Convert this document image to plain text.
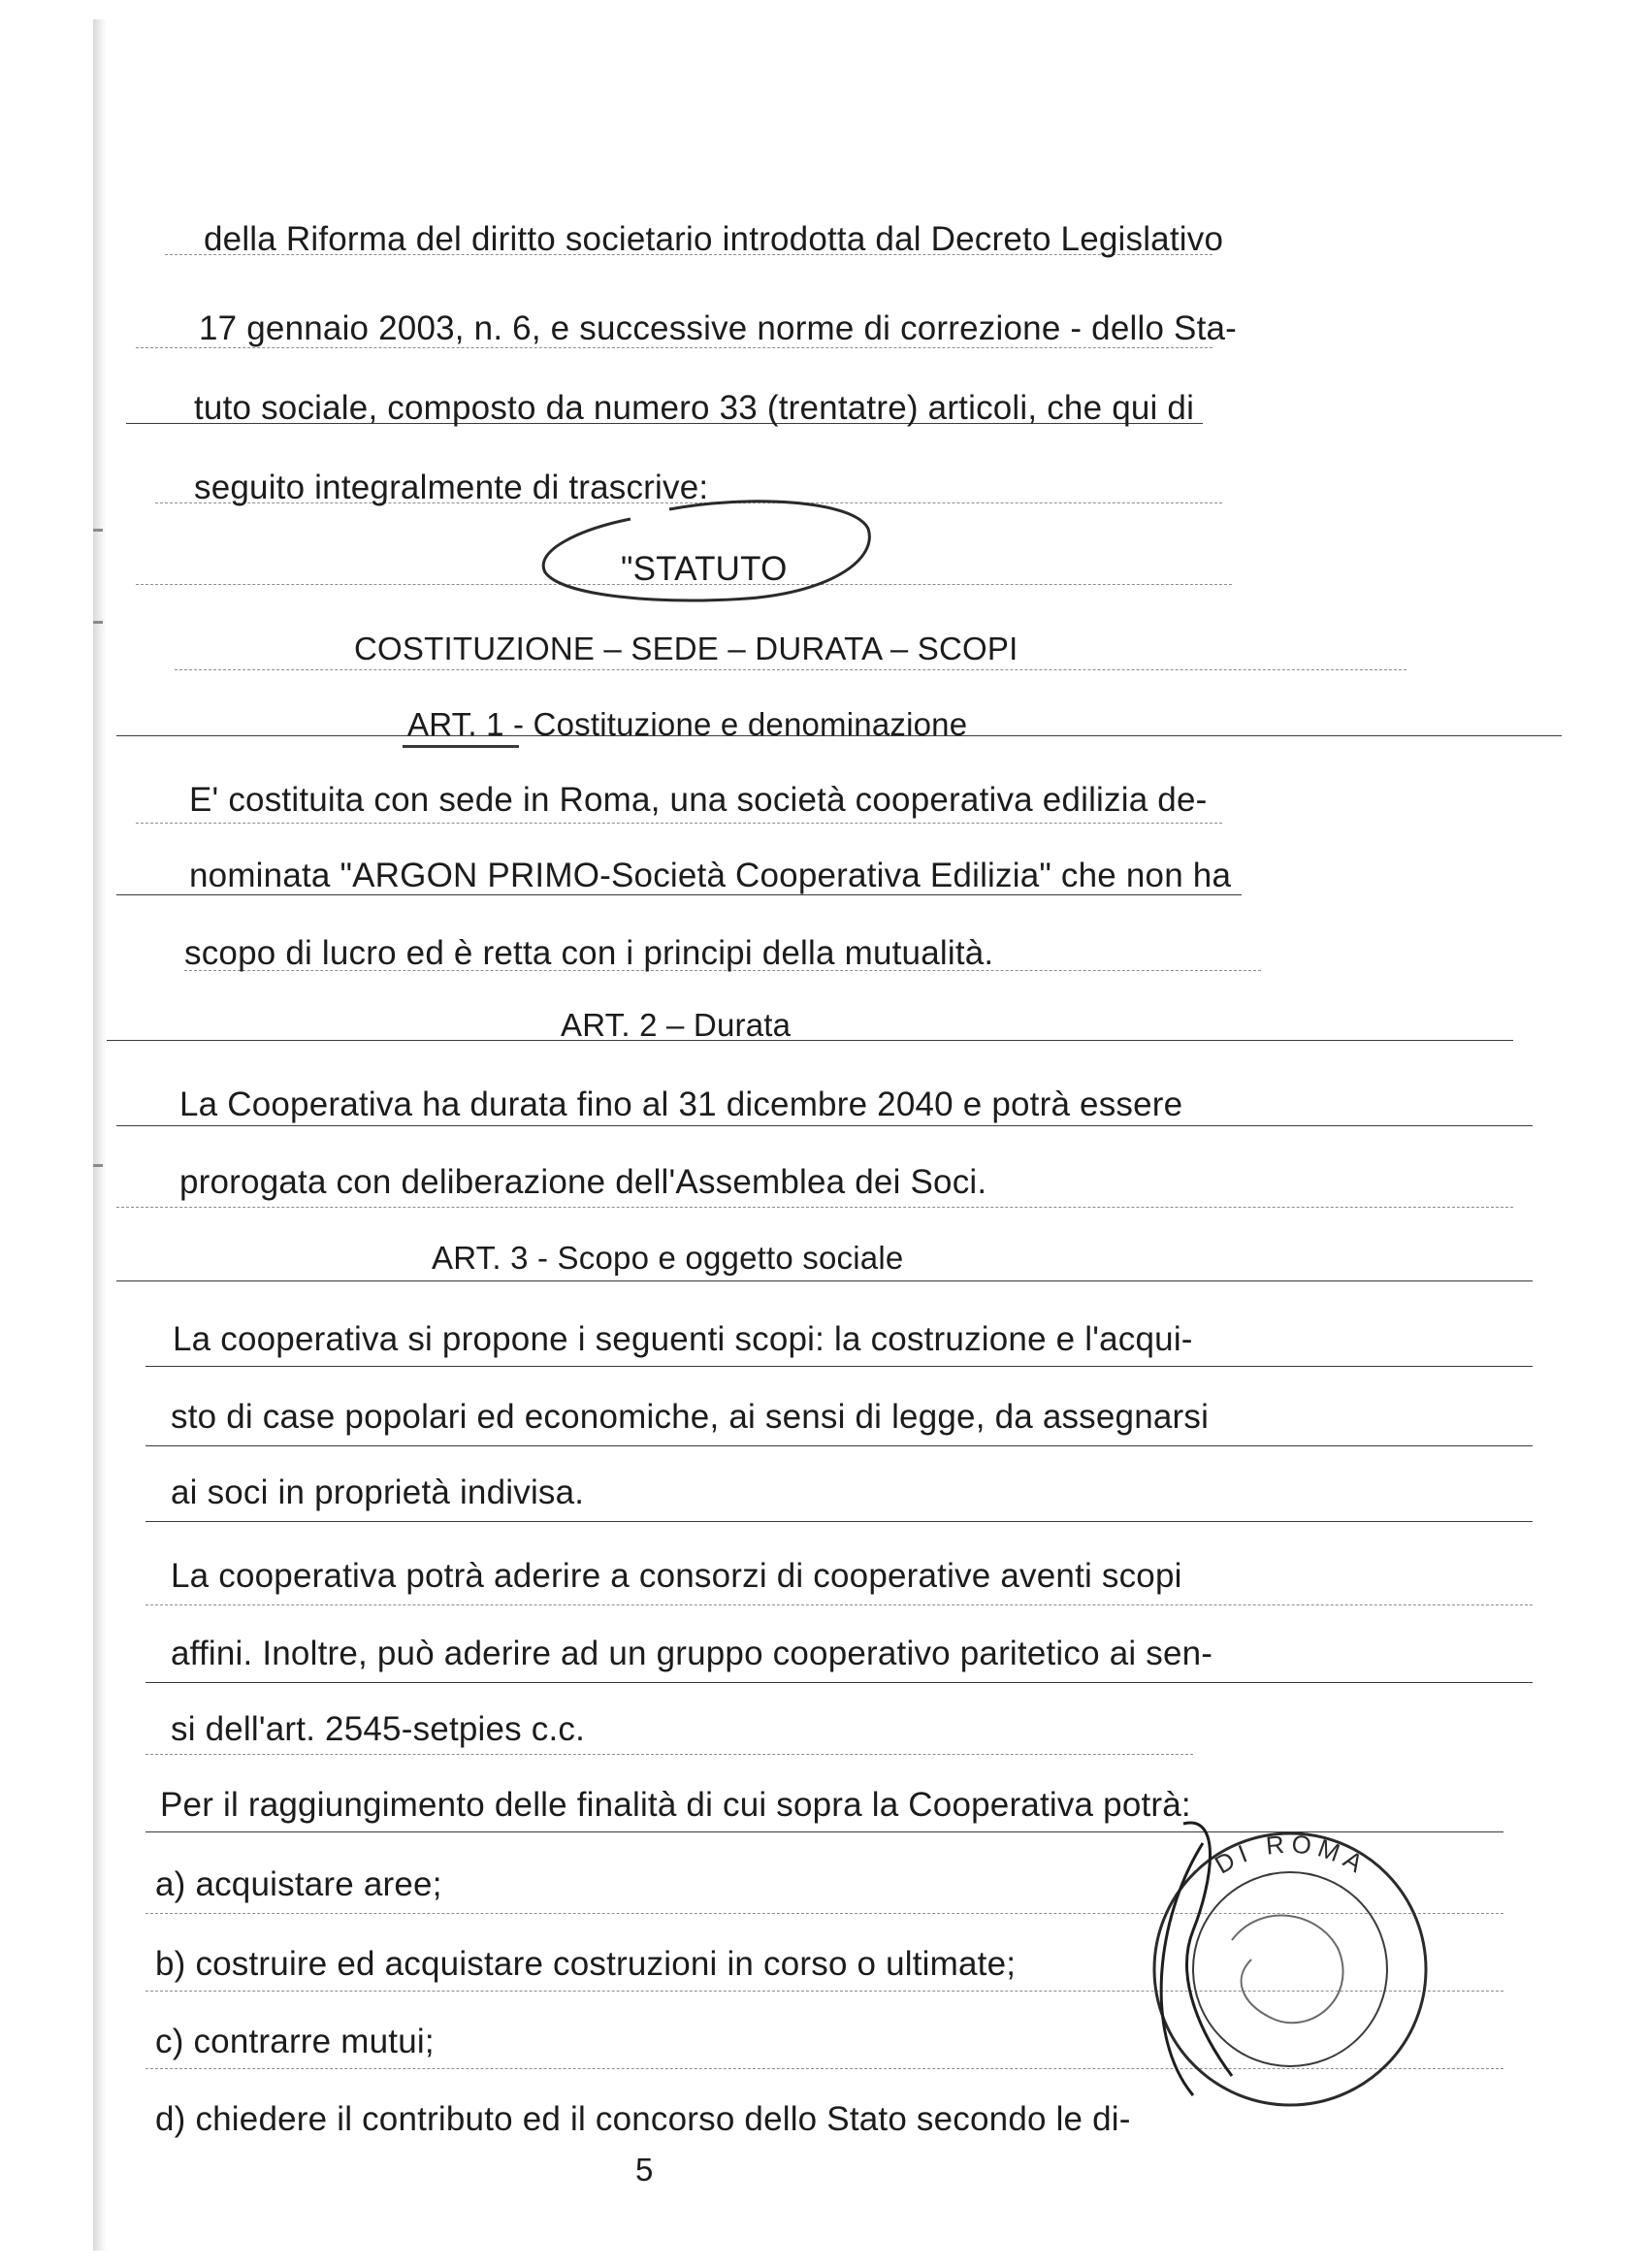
della Riforma del diritto societario introdotta dal Decreto Legislativo
17 gennaio 2003, n. 6, e successive norme di correzione - dello Sta-
tuto sociale, composto da numero 33 (trentatre) articoli, che qui di
seguito integralmente di trascrive:
"STATUTO
COSTITUZIONE – SEDE – DURATA – SCOPI
ART. 1 - Costituzione e denominazione
E' costituita con sede in Roma, una società cooperativa edilizia de-
nominata "ARGON PRIMO-Società Cooperativa Edilizia" che non ha
scopo di lucro ed è retta con i principi della mutualità.
ART. 2 – Durata
La Cooperativa ha durata fino al 31 dicembre 2040 e potrà essere
prorogata con deliberazione dell'Assemblea dei Soci.
ART. 3 - Scopo e oggetto sociale
La cooperativa si propone i seguenti scopi: la costruzione e l'acqui-
sto di case popolari ed economiche, ai sensi di legge, da assegnarsi
ai soci in proprietà indivisa.
La cooperativa potrà aderire a consorzi di cooperative aventi scopi
affini. Inoltre, può aderire ad un gruppo cooperativo paritetico ai sen-
si dell'art. 2545-setpies c.c.
Per il raggiungimento delle finalità di cui sopra la Cooperativa potrà:
a) acquistare aree;
b) costruire ed acquistare costruzioni in corso o ultimate;
c) contrarre mutui;
d) chiedere il contributo ed il concorso dello Stato secondo le di-
DI ROMA
5
